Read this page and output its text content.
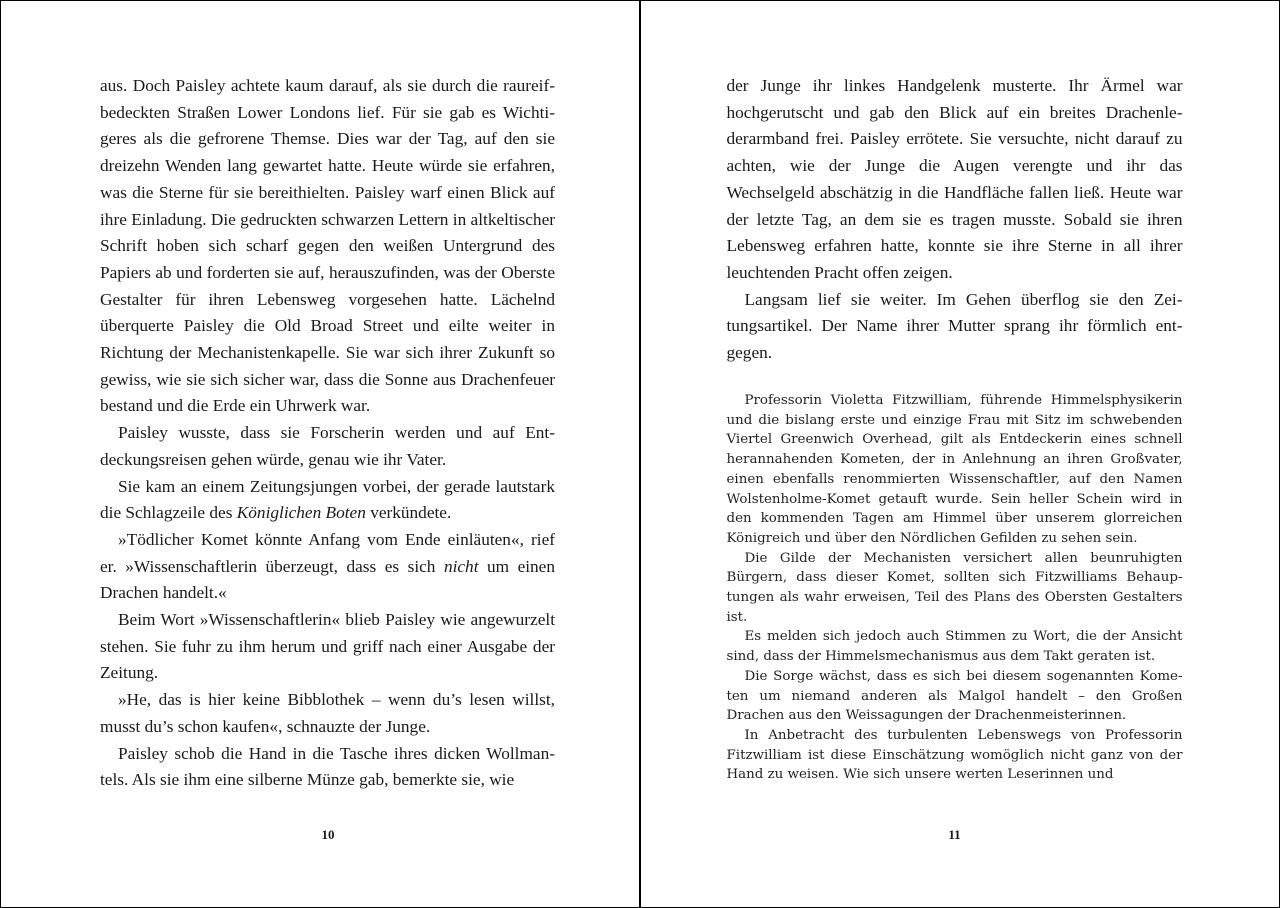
aus. Doch Paisley achtete kaum darauf, als sie durch die raureifbedeckten Straßen Lower Londons lief. Für sie gab es Wichtigeres als die gefrorene Themse. Dies war der Tag, auf den sie dreizehn Wenden lang gewartet hatte. Heute würde sie erfahren, was die Sterne für sie bereithielten. Paisley warf einen Blick auf ihre Einladung. Die gedruckten schwarzen Lettern in altkeltischer Schrift hoben sich scharf gegen den weißen Untergrund des Papiers ab und forderten sie auf, herauszufinden, was der Oberste Gestalter für ihren Lebensweg vorgesehen hatte. Lächelnd überquerte Paisley die Old Broad Street und eilte weiter in Richtung der Mechanistenkapelle. Sie war sich ihrer Zukunft so gewiss, wie sie sich sicher war, dass die Sonne aus Drachenfeuer bestand und die Erde ein Uhrwerk war.

Paisley wusste, dass sie Forscherin werden und auf Entdeckungsreisen gehen würde, genau wie ihr Vater.

Sie kam an einem Zeitungsjungen vorbei, der gerade lautstark die Schlagzeile des Königlichen Boten verkündete.

»Tödlicher Komet könnte Anfang vom Ende einläuten«, rief er. »Wissenschaftlerin überzeugt, dass es sich nicht um einen Drachen handelt.«

Beim Wort »Wissenschaftlerin« blieb Paisley wie angewurzelt stehen. Sie fuhr zu ihm herum und griff nach einer Ausgabe der Zeitung.

»He, das is hier keine Bibblothek – wenn du’s lesen willst, musst du’s schon kaufen«, schnauzte der Junge.

Paisley schob die Hand in die Tasche ihres dicken Wollmantels. Als sie ihm eine silberne Münze gab, bemerkte sie, wie

10

der Junge ihr linkes Handgelenk musterte. Ihr Ärmel war hochgerutscht und gab den Blick auf ein breites Drachenlederarmband frei. Paisley errötete. Sie versuchte, nicht darauf zu achten, wie der Junge die Augen verengte und ihr das Wechselgeld abschätzig in die Handfläche fallen ließ. Heute war der letzte Tag, an dem sie es tragen musste. Sobald sie ihren Lebensweg erfahren hatte, konnte sie ihre Sterne in all ihrer leuchtenden Pracht offen zeigen.

Langsam lief sie weiter. Im Gehen überflog sie den Zeitungsartikel. Der Name ihrer Mutter sprang ihr förmlich entgegen.

Professorin Violetta Fitzwilliam, führende Himmelsphysikerin und die bislang erste und einzige Frau mit Sitz im schwebenden Viertel Greenwich Overhead, gilt als Entdeckerin eines schnell herannahenden Kometen, der in Anlehnung an ihren Großvater, einen ebenfalls renommierten Wissenschaftler, auf den Namen Wolstenholme-Komet getauft wurde. Sein heller Schein wird in den kommenden Tagen am Himmel über unserem glorreichen Königreich und über den Nördlichen Gefilden zu sehen sein.

Die Gilde der Mechanisten versichert allen beunruhigten Bürgern, dass dieser Komet, sollten sich Fitzwilliams Behauptungen als wahr erweisen, Teil des Plans des Obersten Gestalters ist.

Es melden sich jedoch auch Stimmen zu Wort, die der Ansicht sind, dass der Himmelsmechanismus aus dem Takt geraten ist.

Die Sorge wächst, dass es sich bei diesem sogenannten Kometen um niemand anderen als Malgol handelt – den Großen Drachen aus den Weissagungen der Drachenmeisterinnen.

In Anbetracht des turbulenten Lebenswegs von Professorin Fitzwilliam ist diese Einschätzung womöglich nicht ganz von der Hand zu weisen. Wie sich unsere werten Leserinnen und

11
